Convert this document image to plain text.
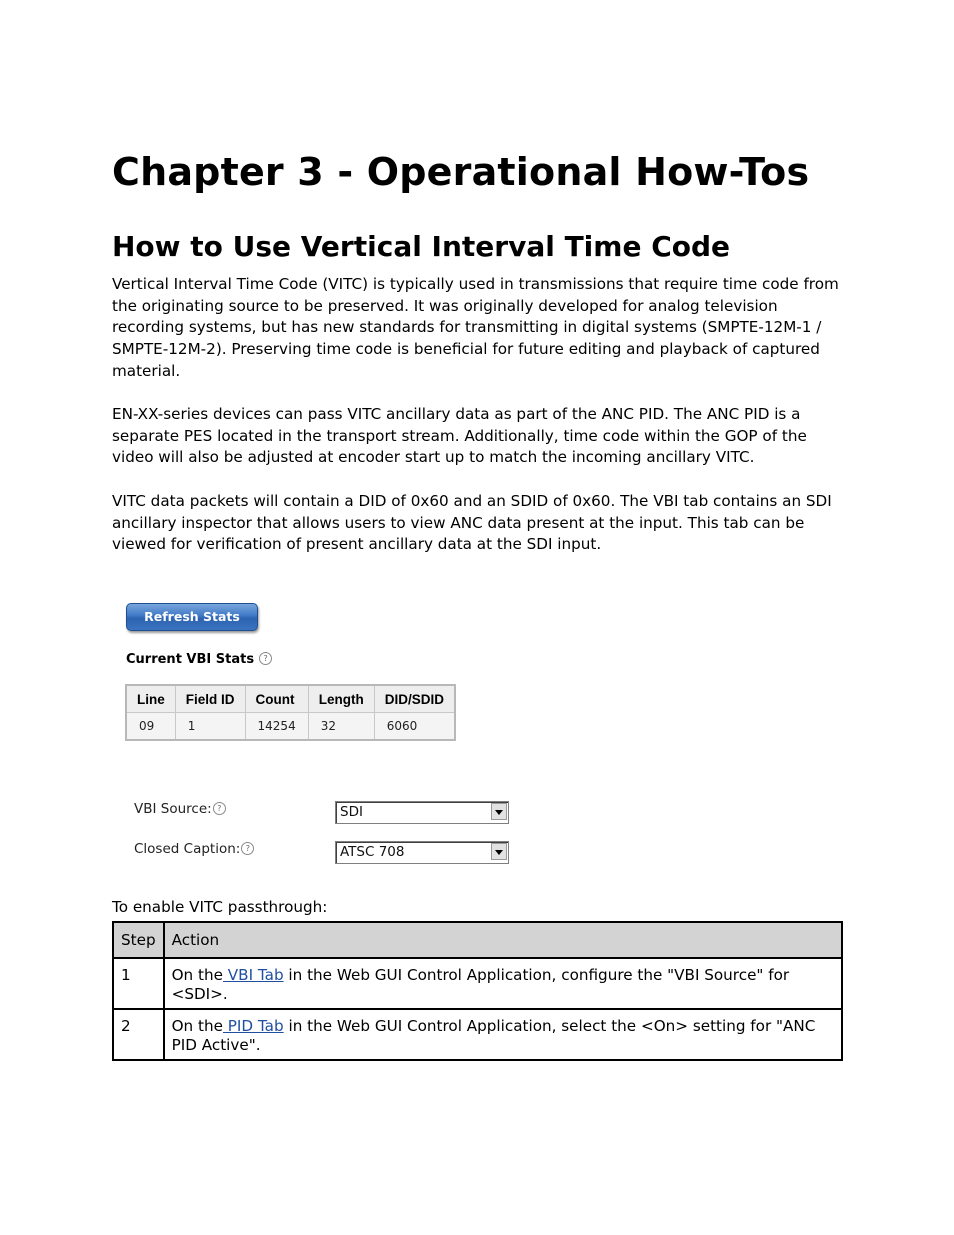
Chapter 3 - Operational How-Tos
How to Use Vertical Interval Time Code

Vertical Interval Time Code (VITC) is typically used in transmissions that require time code from the originating source to be preserved. It was originally developed for analog television recording systems, but has new standards for transmitting in digital systems (SMPTE-12M-1 / SMPTE-12M-2). Preserving time code is beneficial for future editing and playback of captured material.

EN-XX-series devices can pass VITC ancillary data as part of the ANC PID. The ANC PID is a separate PES located in the transport stream. Additionally, time code within the GOP of the video will also be adjusted at encoder start up to match the incoming ancillary VITC.

VITC data packets will contain a DID of 0x60 and an SDID of 0x60. The VBI tab contains an SDI ancillary inspector that allows users to view ANC data present at the input. This tab can be viewed for verification of present ancillary data at the SDI input.

Refresh Stats
Current VBI Stats ?
Line	Field ID	Count	Length	DID/SDID
09	1	14254	32	6060
VBI Source: ?	SDI
Closed Caption: ?	ATSC 708
To enable VITC passthrough:
Step	Action
1	On the VBI Tab in the Web GUI Control Application, configure the "VBI Source" for <SDI>.
2	On the PID Tab in the Web GUI Control Application, select the <On> setting for "ANC PID Active".
